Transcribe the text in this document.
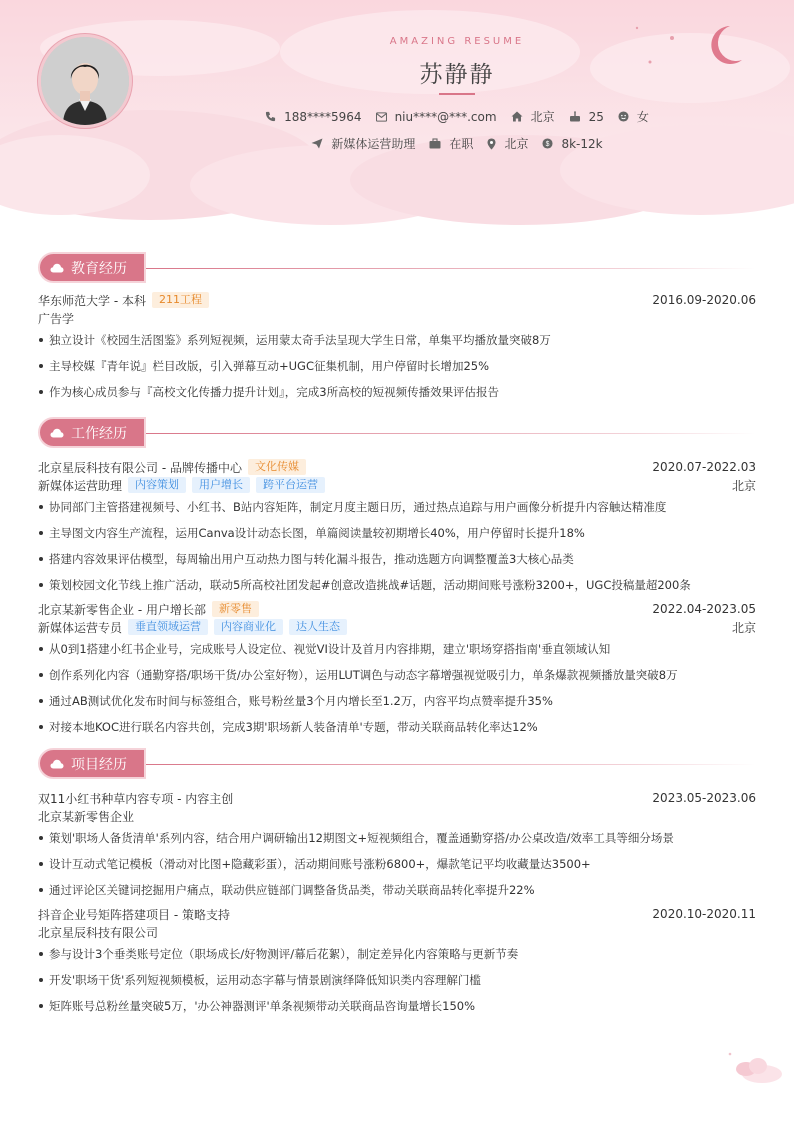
AMAZING RESUME
苏静静
188****5964	niu****@***.com	北京	25	女
新媒体运营助理	在职	北京 $ 8k-12k
教育经历
华东师范大学 - 本科	211工程	2016.09-2020.06
广告学
独立设计《校园生活图鉴》系列短视频，运用蒙太奇手法呈现大学生日常，单集平均播放量突破8万
主导校媒『青年说』栏目改版，引入弹幕互动+UGC征集机制，用户停留时长增加25%
作为核心成员参与『高校文化传播力提升计划』，完成3所高校的短视频传播效果评估报告
工作经历
北京星辰科技有限公司 - 品牌传播中心	文化传媒	2020.07-2022.03
新媒体运营助理	内容策划	用户增长	跨平台运营	北京
协同部门主管搭建视频号、小红书、B站内容矩阵，制定月度主题日历，通过热点追踪与用户画像分析提升内容触达精准度
主导图文内容生产流程，运用Canva设计动态长图，单篇阅读量较初期增长40%，用户停留时长提升18%
搭建内容效果评估模型，每周输出用户互动热力图与转化漏斗报告，推动选题方向调整覆盖3大核心品类
策划校园文化节线上推广活动，联动5所高校社团发起#创意改造挑战#话题，活动期间账号涨粉3200+，UGC投稿量超200条
北京某新零售企业 - 用户增长部	新零售	2022.04-2023.05
新媒体运营专员	垂直领域运营	内容商业化	达人生态	北京
从0到1搭建小红书企业号，完成账号人设定位、视觉VI设计及首月内容排期，建立'职场穿搭指南'垂直领域认知
创作系列化内容（通勤穿搭/职场干货/办公室好物），运用LUT调色与动态字幕增强视觉吸引力，单条爆款视频播放量突破8万
通过AB测试优化发布时间与标签组合，账号粉丝量3个月内增长至1.2万，内容平均点赞率提升35%
对接本地KOC进行联名内容共创，完成3期'职场新人装备清单'专题，带动关联商品转化率达12%
项目经历
双11小红书种草内容专项 - 内容主创	2023.05-2023.06
北京某新零售企业
策划'职场人备货清单'系列内容，结合用户调研输出12期图文+短视频组合，覆盖通勤穿搭/办公桌改造/效率工具等细分场景
设计互动式笔记模板（滑动对比图+隐藏彩蛋），活动期间账号涨粉6800+，爆款笔记平均收藏量达3500+
通过评论区关键词挖掘用户痛点，联动供应链部门调整备货品类，带动关联商品转化率提升22%
抖音企业号矩阵搭建项目 - 策略支持	2020.10-2020.11
北京星辰科技有限公司
参与设计3个垂类账号定位（职场成长/好物测评/幕后花絮），制定差异化内容策略与更新节奏
开发'职场干货'系列短视频模板，运用动态字幕与情景剧演绎降低知识类内容理解门槛
矩阵账号总粉丝量突破5万，'办公神器测评'单条视频带动关联商品咨询量增长150%
